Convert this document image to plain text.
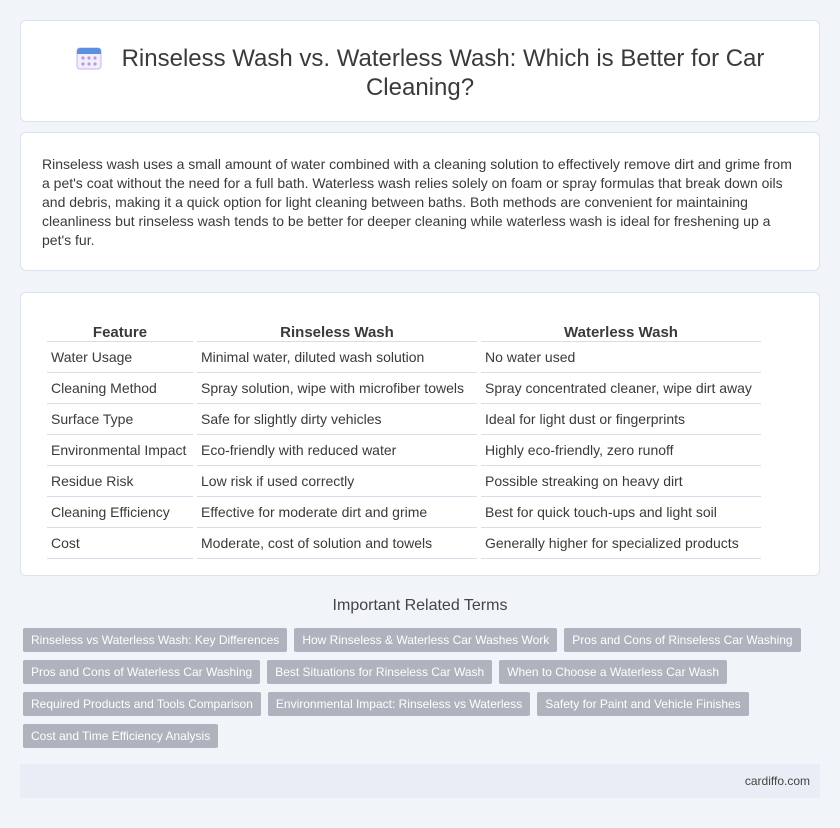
Rinseless Wash vs. Waterless Wash: Which is Better for Car Cleaning?

Rinseless wash uses a small amount of water combined with a cleaning solution to effectively remove dirt and grime from a pet's coat without the need for a full bath. Waterless wash relies solely on foam or spray formulas that break down oils and debris, making it a quick option for light cleaning between baths. Both methods are convenient for maintaining cleanliness but rinseless wash tends to be better for deeper cleaning while waterless wash is ideal for freshening up a pet's fur.

Feature	Rinseless Wash	Waterless Wash
Water Usage	Minimal water, diluted wash solution	No water used
Cleaning Method	Spray solution, wipe with microfiber towels	Spray concentrated cleaner, wipe dirt away
Surface Type	Safe for slightly dirty vehicles	Ideal for light dust or fingerprints
Environmental Impact	Eco-friendly with reduced water	Highly eco-friendly, zero runoff
Residue Risk	Low risk if used correctly	Possible streaking on heavy dirt
Cleaning Efficiency	Effective for moderate dirt and grime	Best for quick touch-ups and light soil
Cost	Moderate, cost of solution and towels	Generally higher for specialized products
Important Related Terms
Rinseless vs Waterless Wash: Key Differences	How Rinseless & Waterless Car Washes Work	Pros and Cons of Rinseless Car Washing
Pros and Cons of Waterless Car Washing	Best Situations for Rinseless Car Wash	When to Choose a Waterless Car Wash
Required Products and Tools Comparison	Environmental Impact: Rinseless vs Waterless	Safety for Paint and Vehicle Finishes
Cost and Time Efficiency Analysis
cardiffo.com
